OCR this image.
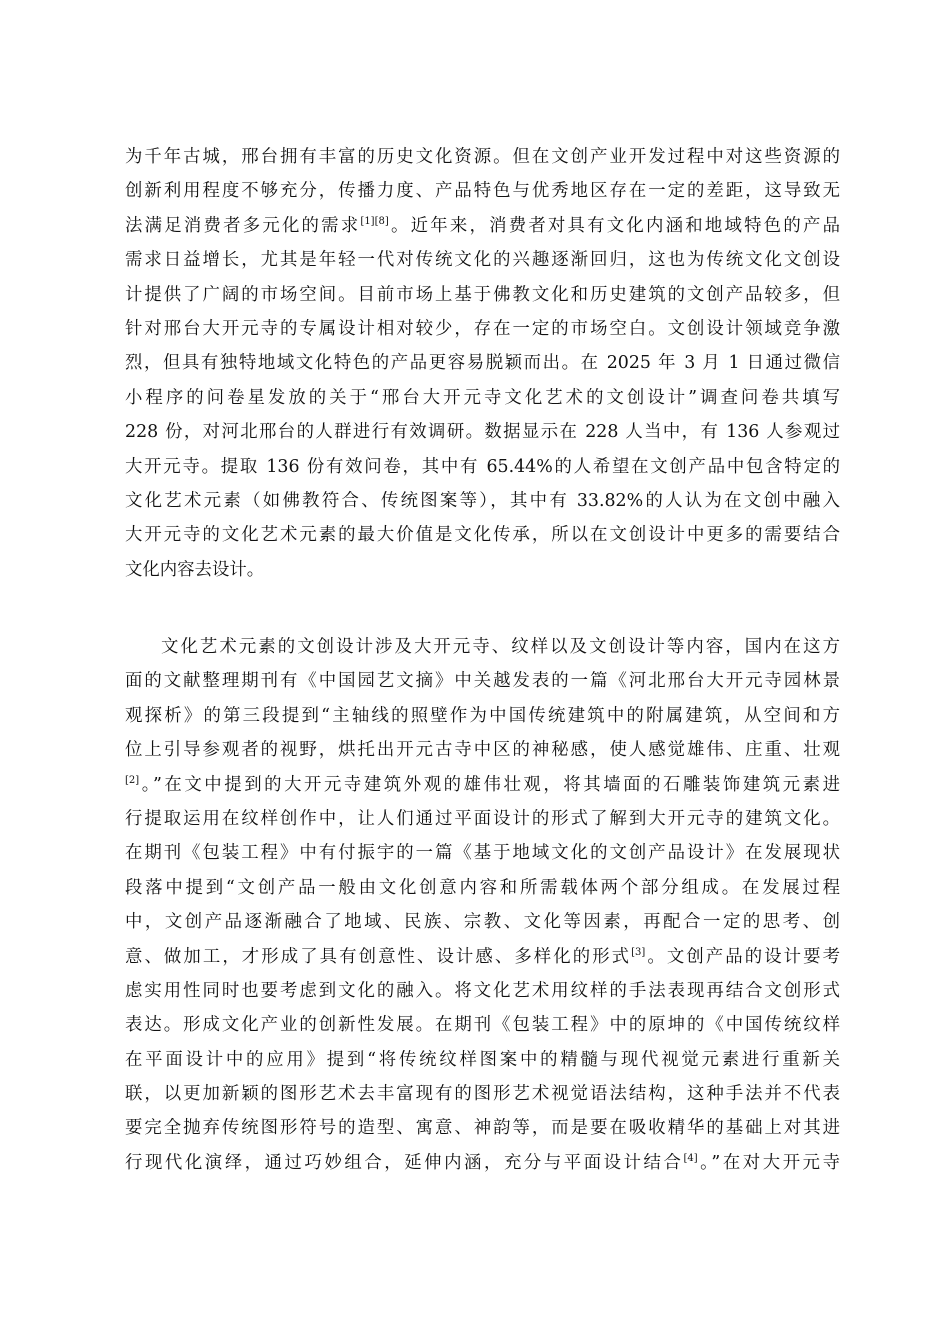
为千年古城，邢台拥有丰富的历史文化资源。但在文创产业开发过程中对这些资源的
创新利用程度不够充分，传播力度、产品特色与优秀地区存在一定的差距，这导致无
法满足消费者多元化的需求[1][8]。近年来，消费者对具有文化内涵和地域特色的产品
需求日益增长，尤其是年轻一代对传统文化的兴趣逐渐回归，这也为传统文化文创设
计提供了广阔的市场空间。目前市场上基于佛教文化和历史建筑的文创产品较多，但
针对邢台大开元寺的专属设计相对较少，存在一定的市场空白。文创设计领域竞争激
烈，但具有独特地域文化特色的产品更容易脱颖而出。在 2025 年 3 月 1 日通过微信
小程序的问卷星发放的关于“邢台大开元寺文化艺术的文创设计”调查问卷共填写
228 份，对河北邢台的人群进行有效调研。数据显示在 228 人当中，有 136 人参观过
大开元寺。提取 136 份有效问卷，其中有 65.44%的人希望在文创产品中包含特定的
文化艺术元素（如佛教符合、传统图案等），其中有 33.82%的人认为在文创中融入
大开元寺的文化艺术元素的最大价值是文化传承，所以在文创设计中更多的需要结合
文化内容去设计。
文化艺术元素的文创设计涉及大开元寺、纹样以及文创设计等内容，国内在这方
面的文献整理期刊有《中国园艺文摘》中关越发表的一篇《河北邢台大开元寺园林景
观探析》的第三段提到“主轴线的照壁作为中国传统建筑中的附属建筑，从空间和方
位上引导参观者的视野，烘托出开元古寺中区的神秘感，使人感觉雄伟、庄重、壮观
[2]。”在文中提到的大开元寺建筑外观的雄伟壮观，将其墙面的石雕装饰建筑元素进
行提取运用在纹样创作中，让人们通过平面设计的形式了解到大开元寺的建筑文化。
在期刊《包装工程》中有付振宇的一篇《基于地域文化的文创产品设计》在发展现状
段落中提到“文创产品一般由文化创意内容和所需载体两个部分组成。在发展过程
中，文创产品逐渐融合了地域、民族、宗教、文化等因素，再配合一定的思考、创
意、做加工，才形成了具有创意性、设计感、多样化的形式[3]。文创产品的设计要考
虑实用性同时也要考虑到文化的融入。将文化艺术用纹样的手法表现再结合文创形式
表达。形成文化产业的创新性发展。在期刊《包装工程》中的原坤的《中国传统纹样
在平面设计中的应用》提到“将传统纹样图案中的精髓与现代视觉元素进行重新关
联，以更加新颖的图形艺术去丰富现有的图形艺术视觉语法结构，这种手法并不代表
要完全抛弃传统图形符号的造型、寓意、神韵等，而是要在吸收精华的基础上对其进
行现代化演绎，通过巧妙组合，延伸内涵，充分与平面设计结合[4]。”在对大开元寺
